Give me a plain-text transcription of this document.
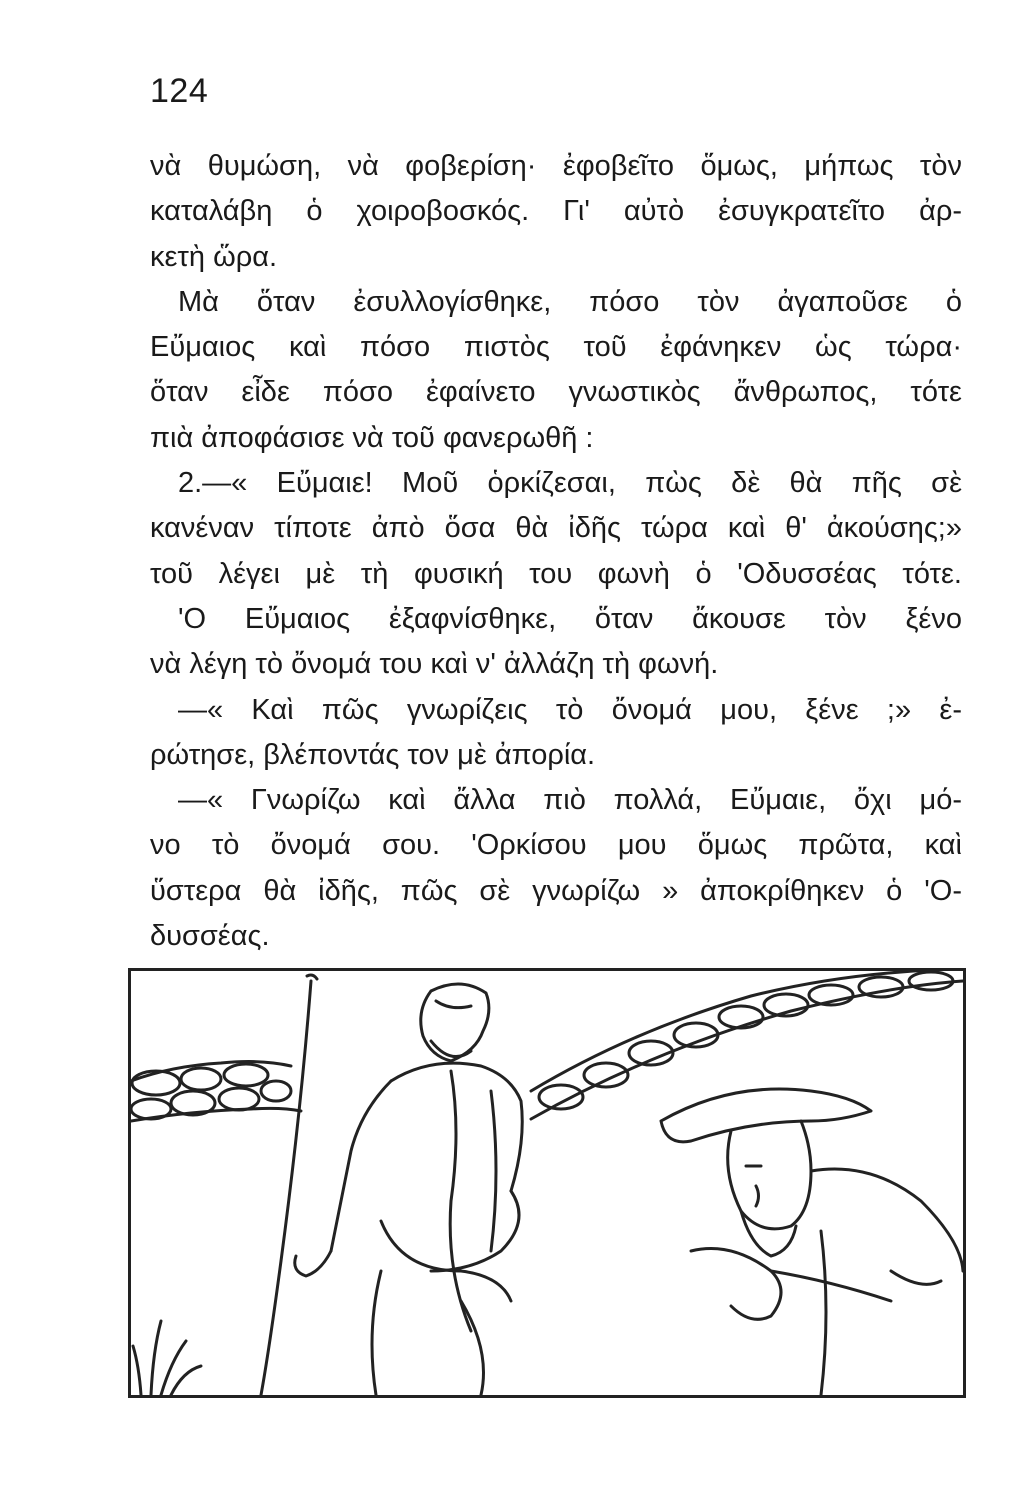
124
νὰ θυμώση, νὰ φοβερίση· ἐφοβεῖτο ὅμως, μήπως τὸν
καταλάβη ὁ χοιροβοσκός. Γι' αὐτὸ ἐσυγκρατεῖτο ἀρ-
κετὴ ὥρα.
Μὰ ὅταν ἐσυλλογίσθηκε, πόσο τὸν ἀγαποῦσε ὁ
Εὔμαιος καὶ πόσο πιστὸς τοῦ ἐφάνηκεν ὡς τώρα·
ὅταν εἶδε πόσο ἐφαίνετο γνωστικὸς ἄνθρωπος, τότε
πιὰ ἀποφάσισε νὰ τοῦ φανερωθῆ :
2.—« Εὔμαιε! Μοῦ ὁρκίζεσαι, πὼς δὲ θὰ πῆς σὲ
κανέναν τίποτε ἀπὸ ὅσα θὰ ἰδῆς τώρα καὶ θ' ἀκούσης;»
τοῦ λέγει μὲ τὴ φυσική του φωνὴ ὁ 'Οδυσσέας τότε.
'Ο Εὔμαιος ἐξαφνίσθηκε, ὅταν ἄκουσε τὸν ξένο
νὰ λέγη τὸ ὄνομά του καὶ ν' ἀλλάζη τὴ φωνή.
—« Καὶ πῶς γνωρίζεις τὸ ὄνομά μου, ξένε ;» ἐ-
ρώτησε, βλέποντάς τον μὲ ἀπορία.
—« Γνωρίζω καὶ ἄλλα πιὸ πολλά, Εὔμαιε, ὄχι μό-
νο τὸ ὄνομά σου. 'Ορκίσου μου ὅμως πρῶτα, καὶ
ὕστερα θὰ ἰδῆς, πῶς σὲ γνωρίζω » ἀποκρίθηκεν ὁ 'Ο-
δυσσέας.
